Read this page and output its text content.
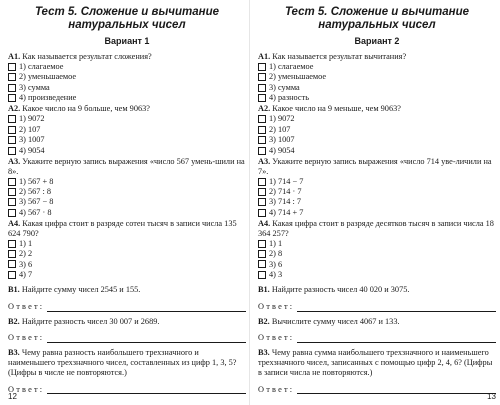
Тест 5. Сложение и вычитание
натуральных чисел
Вариант 1
А1. Как называется результат сложения?
1) слагаемое
2) уменьшаемое
3) сумма
4) произведение
А2. Какое число на 9 больше, чем 9063?
1) 9072
2) 107
3) 1007
4) 9054
А3. Укажите верную запись выражения «число 567 умень-шили на 8».
1) 567 + 8
2) 567 : 8
3) 567 − 8
4) 567 · 8
А4. Какая цифра стоит в разряде сотен тысяч в записи числа 135 624 790?
1) 1
2) 2
3) 6
4) 7
В1. Найдите сумму чисел 2545 и 155.
Ответ:
В2. Найдите разность чисел 30 007 и 2689.
Ответ:
В3. Чему равна разность наибольшего трехзначного и наименьшего трехзначного чисел, составленных из цифр 1, 3, 5? (Цифры в числе не повторяются.)
Ответ:
12
Тест 5. Сложение и вычитание
натуральных чисел
Вариант 2
А1. Как называется результат вычитания?
1) слагаемое
2) уменьшаемое
3) сумма
4) разность
А2. Какое число на 9 меньше, чем 9063?
1) 9072
2) 107
3) 1007
4) 9054
А3. Укажите верную запись выражения «число 714 уве-личили на 7».
1) 714 − 7
2) 714 · 7
3) 714 : 7
4) 714 + 7
А4. Какая цифра стоит в разряде десятков тысяч в записи числа 18 364 257?
1) 1
2) 8
3) 6
4) 3
В1. Найдите разность чисел 40 020 и 3075.
Ответ:
В2. Вычислите сумму чисел 4067 и 133.
Ответ:
В3. Чему равна сумма наибольшего трехзначного и наименьшего трехзначного чисел, записанных с помощью цифр 2, 4, 6? (Цифры в записи числа не повторяются.)
Ответ:
13
